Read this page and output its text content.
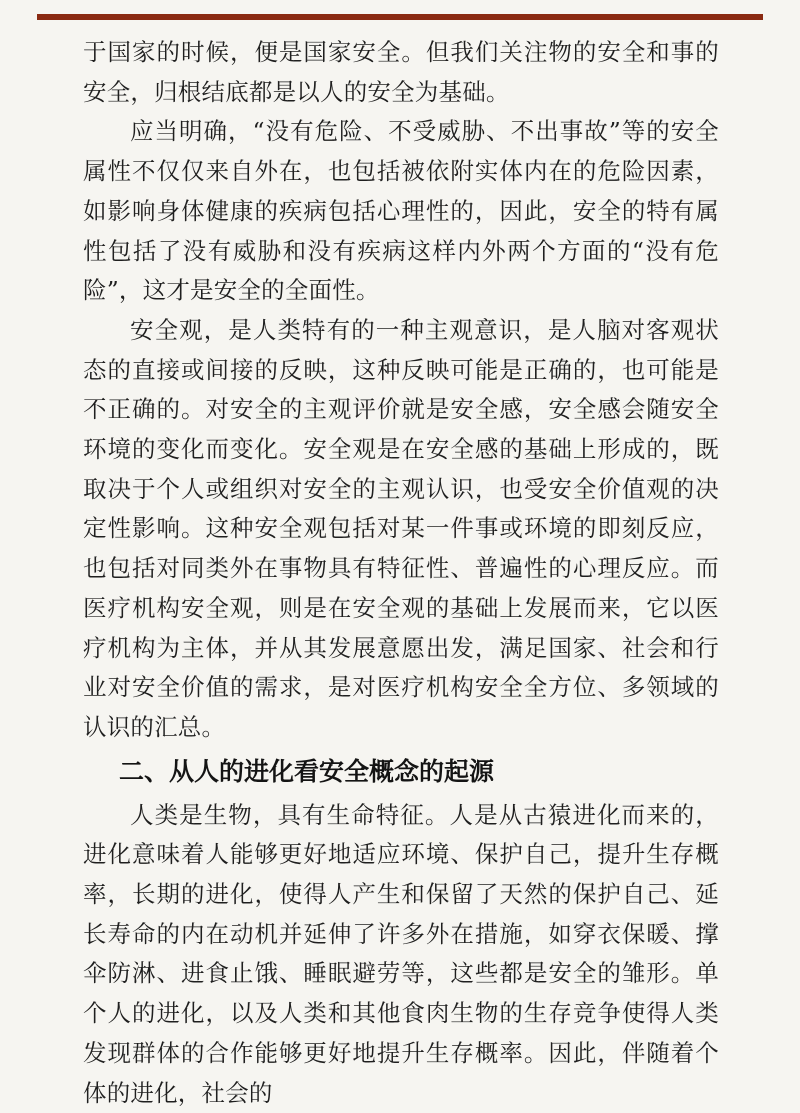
于国家的时候，便是国家安全。但我们关注物的安全和事的安全，归根结底都是以人的安全为基础。

应当明确，“没有危险、不受威胁、不出事故”等的安全属性不仅仅来自外在，也包括被依附实体内在的危险因素，如影响身体健康的疾病包括心理性的，因此，安全的特有属性包括了没有威胁和没有疾病这样内外两个方面的“没有危险”，这才是安全的全面性。

安全观，是人类特有的一种主观意识，是人脑对客观状态的直接或间接的反映，这种反映可能是正确的，也可能是不正确的。对安全的主观评价就是安全感，安全感会随安全环境的变化而变化。安全观是在安全感的基础上形成的，既取决于个人或组织对安全的主观认识，也受安全价值观的决定性影响。这种安全观包括对某一件事或环境的即刻反应，也包括对同类外在事物具有特征性、普遍性的心理反应。而医疗机构安全观，则是在安全观的基础上发展而来，它以医疗机构为主体，并从其发展意愿出发，满足国家、社会和行业对安全价值的需求，是对医疗机构安全全方位、多领域的认识的汇总。

二、从人的进化看安全概念的起源

人类是生物，具有生命特征。人是从古猿进化而来的，进化意味着人能够更好地适应环境、保护自己，提升生存概率，长期的进化，使得人产生和保留了天然的保护自己、延长寿命的内在动机并延伸了许多外在措施，如穿衣保暖、撑伞防淋、进食止饿、睡眠避劳等，这些都是安全的雏形。单个人的进化，以及人类和其他食肉生物的生存竞争使得人类发现群体的合作能够更好地提升生存概率。因此，伴随着个体的进化，社会的
